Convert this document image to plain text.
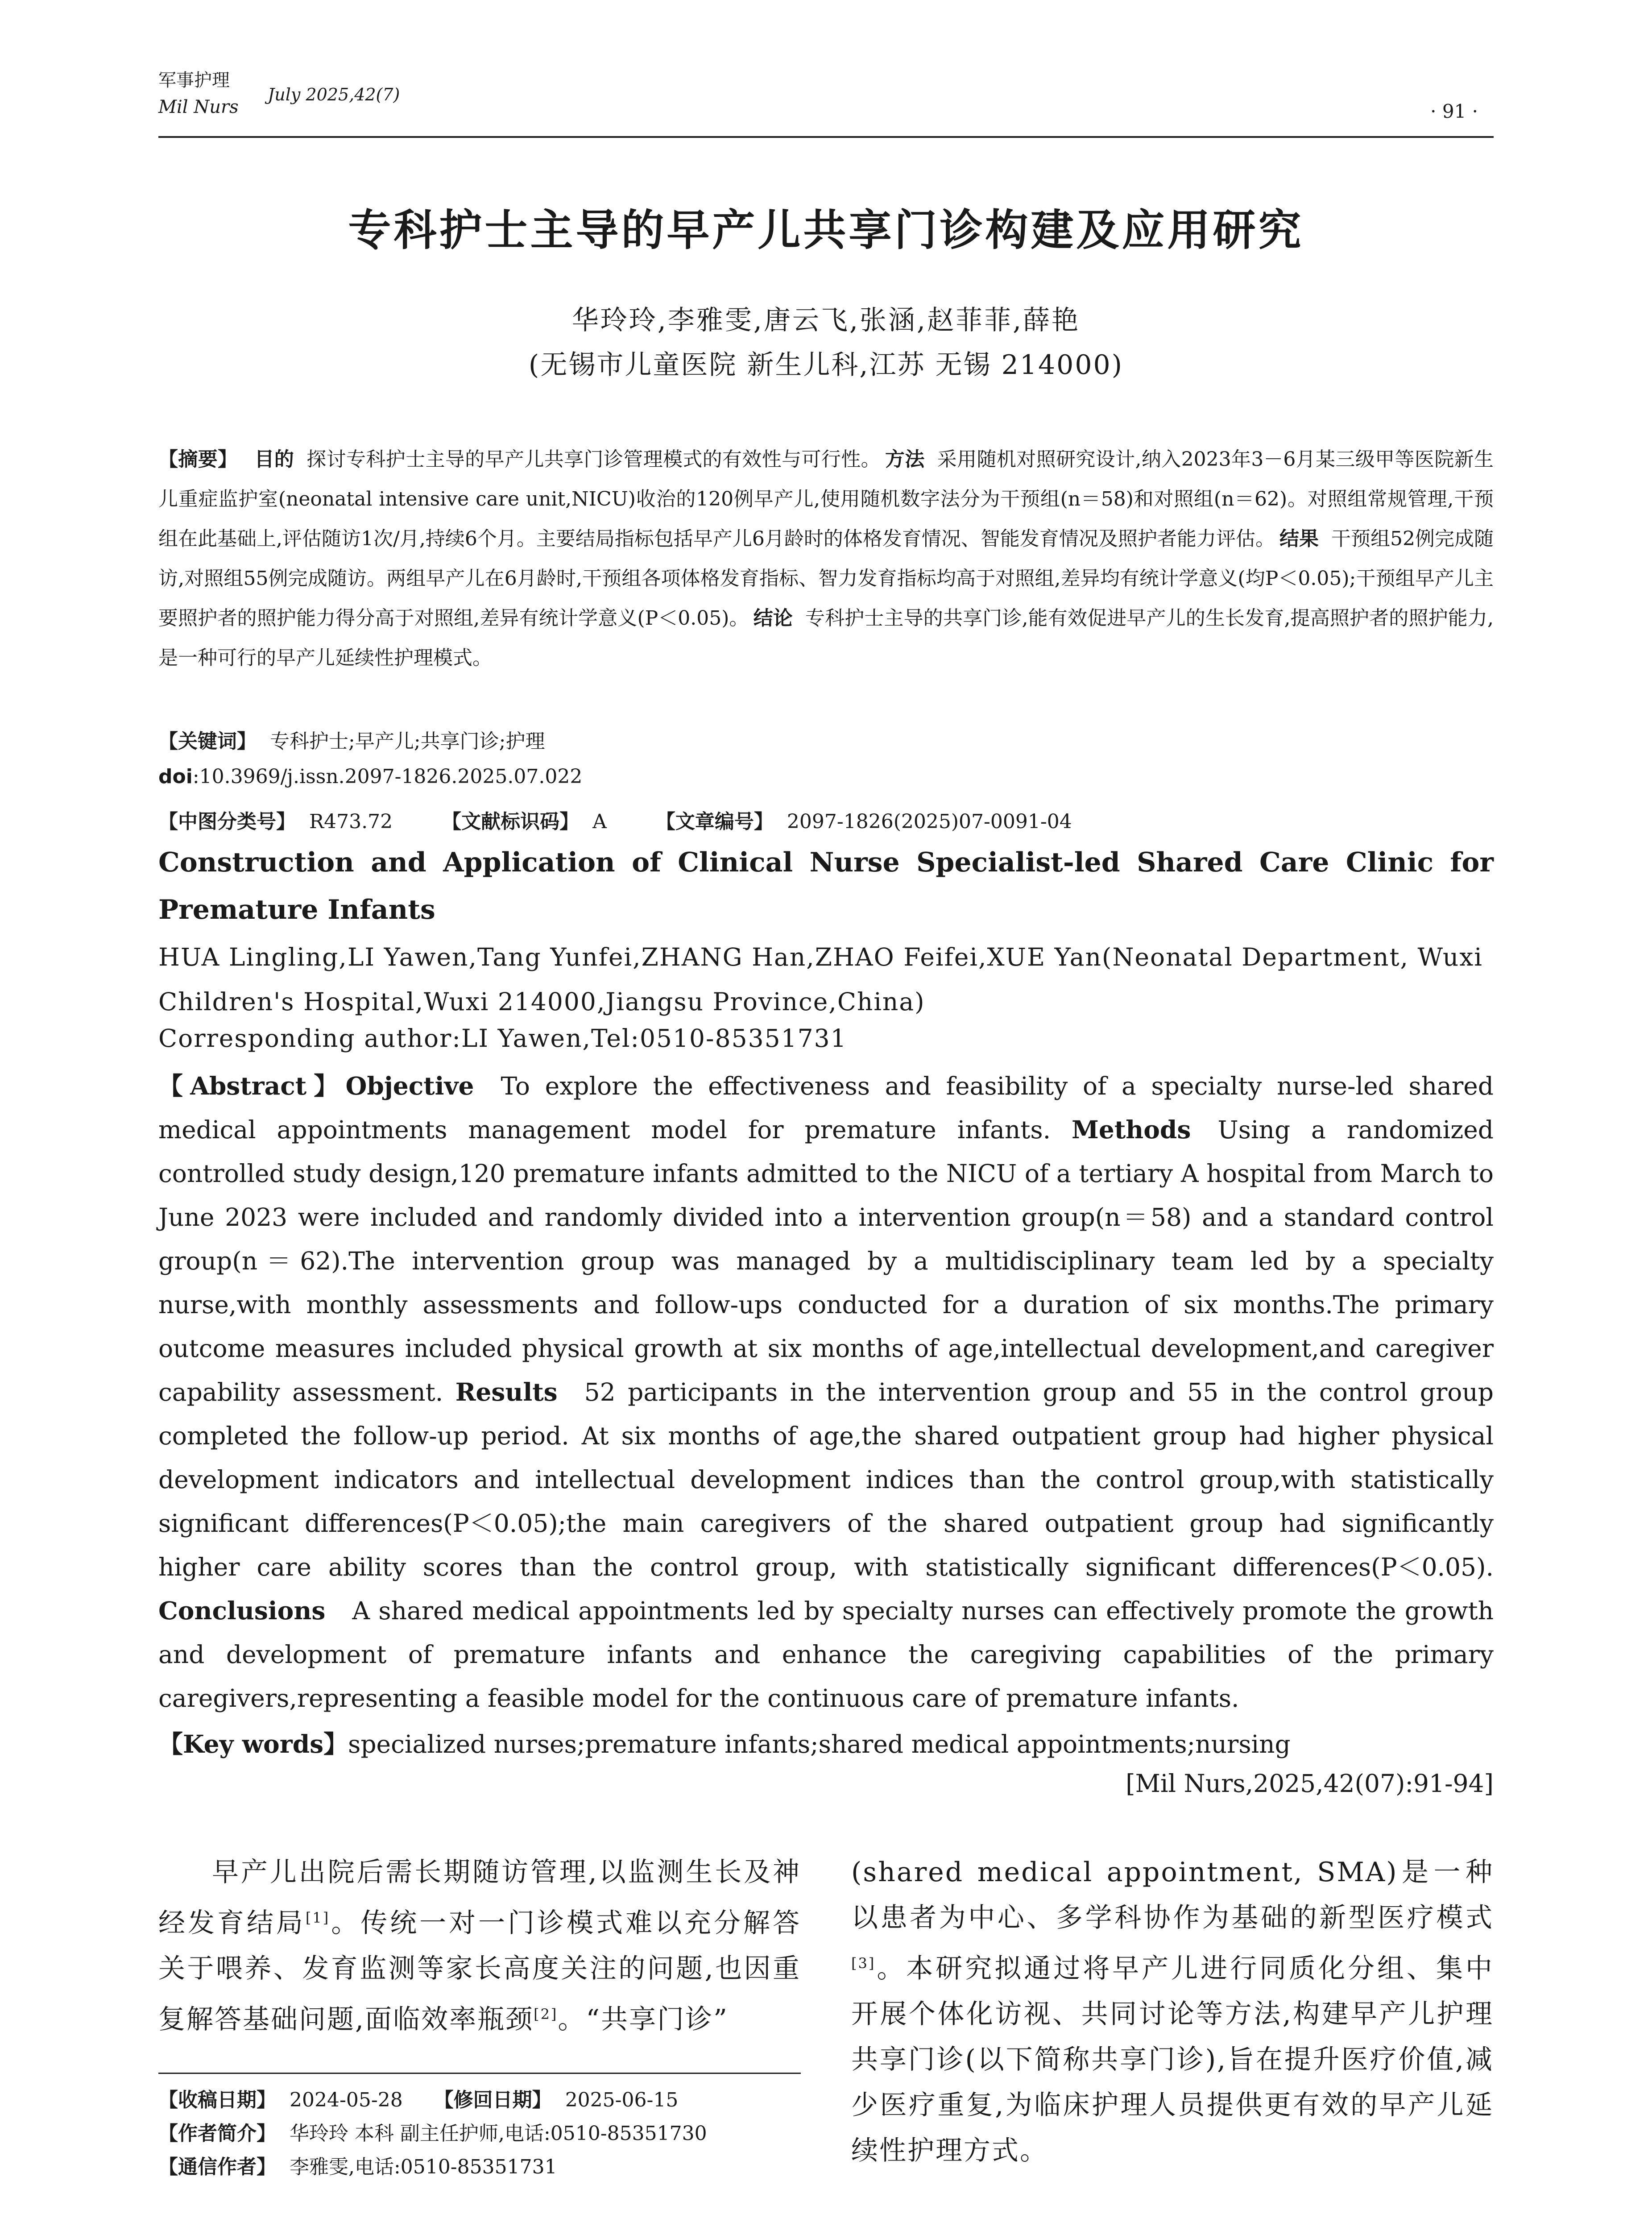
军事护理
Mil Nurs
July 2025,42(7)
· 91 ·
专科护士主导的早产儿共享门诊构建及应用研究
华玲玲,李雅雯,唐云飞,张涵,赵菲菲,薛艳
(无锡市儿童医院 新生儿科,江苏 无锡 214000)
【摘要】 目的 探讨专科护士主导的早产儿共享门诊管理模式的有效性与可行性。 方法 采用随机对照研究设计,纳入2023年3－6月某三级甲等医院新生儿重症监护室(neonatal intensive care unit,NICU)收治的120例早产儿,使用随机数字法分为干预组(n＝58)和对照组(n＝62)。对照组常规管理,干预组在此基础上,评估随访1次/月,持续6个月。主要结局指标包括早产儿6月龄时的体格发育情况、智能发育情况及照护者能力评估。 结果 干预组52例完成随访,对照组55例完成随访。两组早产儿在6月龄时,干预组各项体格发育指标、智力发育指标均高于对照组,差异均有统计学意义(均P＜0.05);干预组早产儿主要照护者的照护能力得分高于对照组,差异有统计学意义(P＜0.05)。 结论 专科护士主导的共享门诊,能有效促进早产儿的生长发育,提高照护者的照护能力,是一种可行的早产儿延续性护理模式。
【关键词】 专科护士;早产儿;共享门诊;护理
doi:10.3969/j.issn.2097-1826.2025.07.022
【中图分类号】 R473.72	【文献标识码】 A	【文章编号】 2097-1826(2025)07-0091-04
Construction and Application of Clinical Nurse Specialist-led Shared Care Clinic for Premature Infants
HUA Lingling,LI Yawen,Tang Yunfei,ZHANG Han,ZHAO Feifei,XUE Yan(Neonatal Department, Wuxi Children's Hospital,Wuxi 214000,Jiangsu Province,China)
Corresponding author:LI Yawen,Tel:0510-85351731
【Abstract】Objective To explore the effectiveness and feasibility of a specialty nurse-led shared medical appointments management model for premature infants. Methods Using a randomized controlled study design,120 premature infants admitted to the NICU of a tertiary A hospital from March to June 2023 were included and randomly divided into a intervention group(n＝58) and a standard control group(n＝62).The intervention group was managed by a multidisciplinary team led by a specialty nurse,with monthly assessments and follow-ups conducted for a duration of six months.The primary outcome measures included physical growth at six months of age,intellectual development,and caregiver capability assessment. Results 52 participants in the intervention group and 55 in the control group completed the follow-up period. At six months of age,the shared outpatient group had higher physical development indicators and intellectual development indices than the control group,with statistically significant differences(P＜0.05);the main caregivers of the shared outpatient group had significantly higher care ability scores than the control group, with statistically significant differences(P＜0.05). Conclusions A shared medical appointments led by specialty nurses can effectively promote the growth and development of premature infants and enhance the caregiving capabilities of the primary caregivers,representing a feasible model for the continuous care of premature infants.
【Key words】specialized nurses;premature infants;shared medical appointments;nursing
[Mil Nurs,2025,42(07):91-94]
早产儿出院后需长期随访管理,以监测生长及神经发育结局[1]。传统一对一门诊模式难以充分解答关于喂养、发育监测等家长高度关注的问题,也因重复解答基础问题,面临效率瓶颈[2]。“共享门诊”
(shared medical appointment, SMA)是一种以患者为中心、多学科协作为基础的新型医疗模式[3]。本研究拟通过将早产儿进行同质化分组、集中开展个体化访视、共同讨论等方法,构建早产儿护理共享门诊(以下简称共享门诊),旨在提升医疗价值,减少医疗重复,为临床护理人员提供更有效的早产儿延续性护理方式。
【收稿日期】 2024-05-28 【修回日期】 2025-06-15
【作者简介】 华玲玲 本科 副主任护师,电话:0510-85351730
【通信作者】 李雅雯,电话:0510-85351731
